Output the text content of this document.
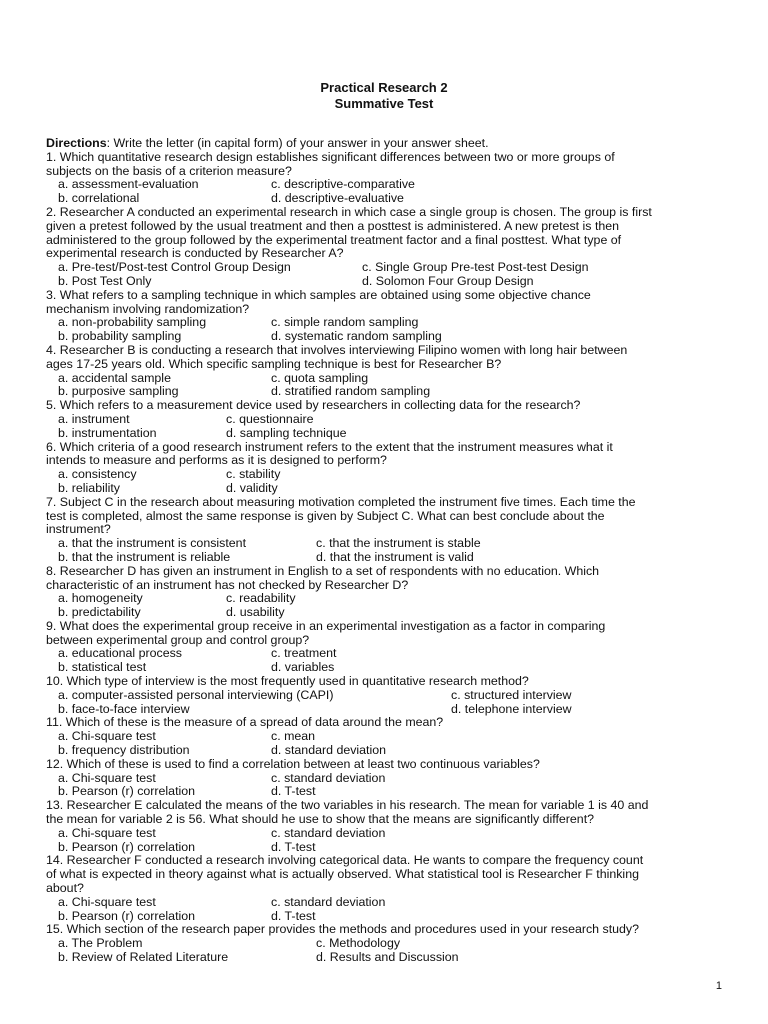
Practical Research 2
Summative Test
Directions: Write the letter (in capital form) of your answer in your answer sheet.
1. Which quantitative research design establishes significant differences between two or more groups of
subjects on the basis of a criterion measure?
a. assessment-evaluation	c. descriptive-comparative
b. correlational	d. descriptive-evaluative
2. Researcher A conducted an experimental research in which case a single group is chosen. The group is first
given a pretest followed by the usual treatment and then a posttest is administered. A new pretest is then
administered to the group followed by the experimental treatment factor and a final posttest. What type of
experimental research is conducted by Researcher A?
a. Pre-test/Post-test Control Group Design	c. Single Group Pre-test Post-test Design
b. Post Test Only	d. Solomon Four Group Design
3. What refers to a sampling technique in which samples are obtained using some objective chance
mechanism involving randomization?
a. non-probability sampling	c. simple random sampling
b. probability sampling	d. systematic random sampling
4. Researcher B is conducting a research that involves interviewing Filipino women with long hair between
ages 17-25 years old. Which specific sampling technique is best for Researcher B?
a. accidental sample	c. quota sampling
b. purposive sampling	d. stratified random sampling
5. Which refers to a measurement device used by researchers in collecting data for the research?
a. instrument	c. questionnaire
b. instrumentation	d. sampling technique
6. Which criteria of a good research instrument refers to the extent that the instrument measures what it
intends to measure and performs as it is designed to perform?
a. consistency	c. stability
b. reliability	d. validity
7. Subject C in the research about measuring motivation completed the instrument five times. Each time the
test is completed, almost the same response is given by Subject C. What can best conclude about the
instrument?
a. that the instrument is consistent	c. that the instrument is stable
b. that the instrument is reliable	d. that the instrument is valid
8. Researcher D has given an instrument in English to a set of respondents with no education. Which
characteristic of an instrument has not checked by Researcher D?
a. homogeneity	c. readability
b. predictability	d. usability
9. What does the experimental group receive in an experimental investigation as a factor in comparing
between experimental group and control group?
a. educational process	c. treatment
b. statistical test	d. variables
10. Which type of interview is the most frequently used in quantitative research method?
a. computer-assisted personal interviewing (CAPI)	c. structured interview
b. face-to-face interview	d. telephone interview
11. Which of these is the measure of a spread of data around the mean?
a. Chi-square test	c. mean
b. frequency distribution	d. standard deviation
12. Which of these is used to find a correlation between at least two continuous variables?
a. Chi-square test	c. standard deviation
b. Pearson (r) correlation	d. T-test
13. Researcher E calculated the means of the two variables in his research. The mean for variable 1 is 40 and
the mean for variable 2 is 56. What should he use to show that the means are significantly different?
a. Chi-square test	c. standard deviation
b. Pearson (r) correlation	d. T-test
14. Researcher F conducted a research involving categorical data. He wants to compare the frequency count
of what is expected in theory against what is actually observed. What statistical tool is Researcher F thinking
about?
a. Chi-square test	c. standard deviation
b. Pearson (r) correlation	d. T-test
15. Which section of the research paper provides the methods and procedures used in your research study?
a. The Problem	c. Methodology
b. Review of Related Literature	d. Results and Discussion
1
